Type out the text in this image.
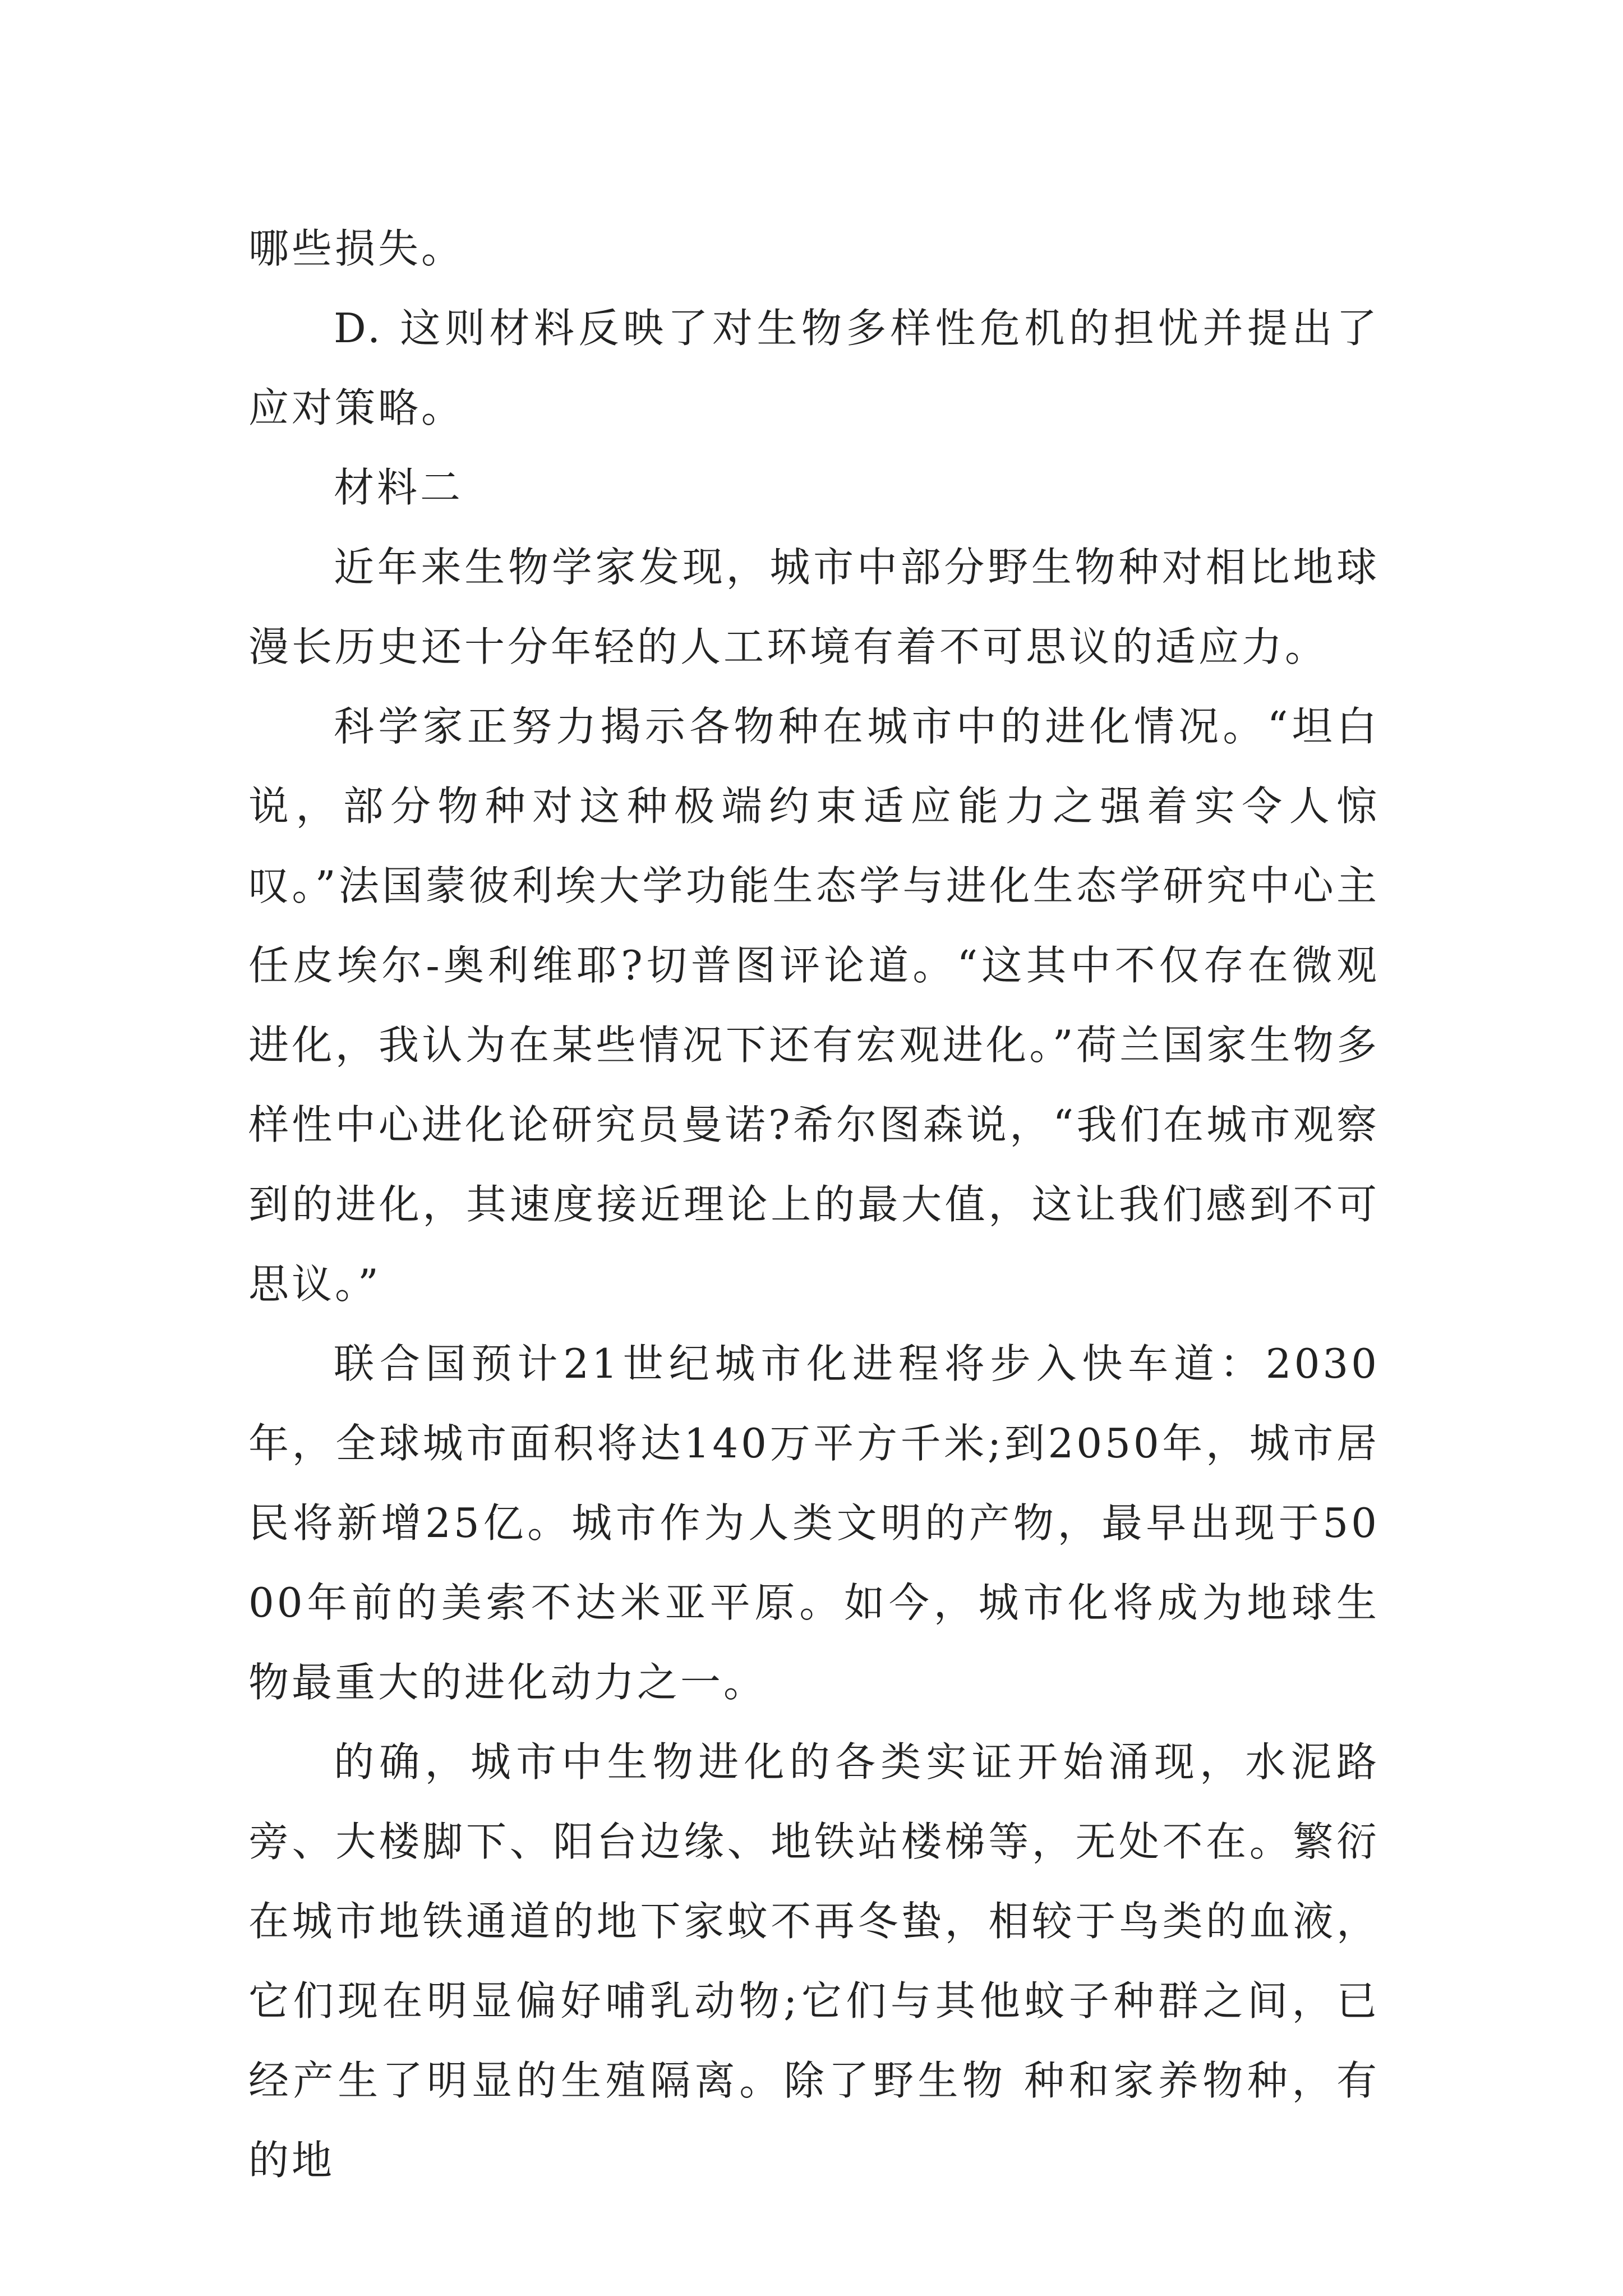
哪些损失。

D. 这则材料反映了对生物多样性危机的担忧并提出了应对策略。

材料二

近年来生物学家发现，城市中部分野生物种对相比地球漫长历史还十分年轻的人工环境有着不可思议的适应力。

科学家正努力揭示各物种在城市中的进化情况。“坦白说，部分物种对这种极端约束适应能力之强着实令人惊叹。”法国蒙彼利埃大学功能生态学与进化生态学研究中心主任皮埃尔-奥利维耶?切普图评论道。“这其中不仅存在微观进化，我认为在某些情况下还有宏观进化。”荷兰国家生物多样性中心进化论研究员曼诺?希尔图森说，“我们在城市观察到的进化，其速度接近理论上的最大值，这让我们感到不可思议。”

联合国预计21世纪城市化进程将步入快车道：2030年，全球城市面积将达140万平方千米;到2050年，城市居民将新增25亿。城市作为人类文明的产物，最早出现于5000年前的美索不达米亚平原。如今，城市化将成为地球生物最重大的进化动力之一。

的确，城市中生物进化的各类实证开始涌现，水泥路旁、大楼脚下、阳台边缘、地铁站楼梯等，无处不在。繁衍在城市地铁通道的地下家蚊不再冬蛰，相较于鸟类的血液，它们现在明显偏好哺乳动物;它们与其他蚊子种群之间，已经产生了明显的生殖隔离。除了野生物 种和家养物种，有的地
